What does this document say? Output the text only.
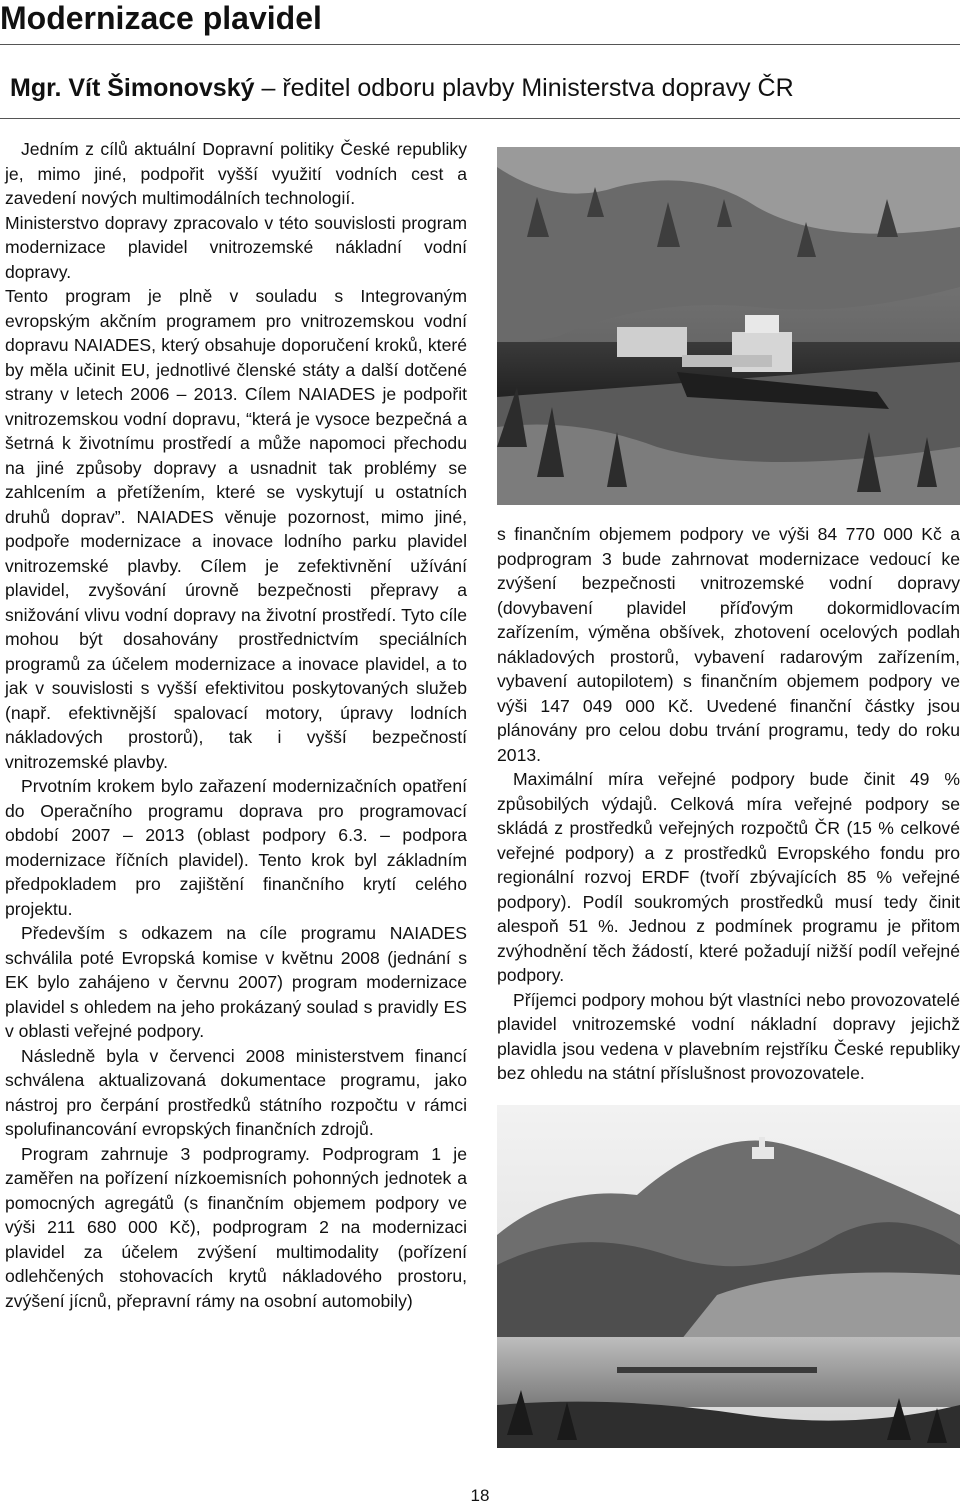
Modernizace plavidel
Mgr. Vít Šimonovský – ředitel odboru plavby Ministerstva dopravy ČR

Jedním z cílů aktuální Dopravní politiky České republiky je, mimo jiné, podpořit vyšší využití vodních cest a zavedení nových multimodálních technologií.

Ministerstvo dopravy zpracovalo v této souvislosti program modernizace plavidel vnitrozemské nákladní vodní dopravy.

Tento program je plně v souladu s Integrovaným evropským akčním programem pro vnitrozemskou vodní dopravu NAIADES, který obsahuje doporučení kroků, které by měla učinit EU, jednotlivé členské státy a další dotčené strany v letech 2006 – 2013. Cílem NAIADES je podpořit vnitrozemskou vodní dopravu, “která je vysoce bezpečná a šetrná k životnímu prostředí a může napomoci přechodu na jiné způsoby dopravy a usnadnit tak problémy se zahlcením a přetížením, které se vyskytují u ostatních druhů doprav”. NAIADES věnuje pozornost, mimo jiné, podpoře modernizace a inovace lodního parku plavidel vnitrozemské plavby. Cílem je zefektivnění užívání plavidel, zvyšování úrovně bezpečnosti přepravy a snižování vlivu vodní dopravy na životní prostředí. Tyto cíle mohou být dosahovány prostřednictvím speciálních programů za účelem modernizace a inovace plavidel, a to jak v souvislosti s vyšší efektivitou poskytovaných služeb (např. efektivnější spalovací motory, úpravy lodních nákladových prostorů), tak i vyšší bezpečností vnitrozemské plavby.

Prvotním krokem bylo zařazení modernizačních opatření do Operačního programu doprava pro programovací období 2007 – 2013 (oblast podpory 6.3. – podpora modernizace říčních plavidel). Tento krok byl základním předpokladem pro zajištění finančního krytí celého projektu.

Především s odkazem na cíle programu NAIADES schválila poté Evropská komise v květnu 2008 (jednání s EK bylo zahájeno v červnu 2007) program modernizace plavidel s ohledem na jeho prokázaný soulad s pravidly ES v oblasti veřejné podpory.

Následně byla v červenci 2008 ministerstvem financí schválena aktualizovaná dokumentace programu, jako nástroj pro čerpání prostředků státního rozpočtu v rámci spolufinancování evropských finančních zdrojů.

Program zahrnuje 3 podprogramy. Podprogram 1 je zaměřen na pořízení nízkoemisních pohonných jednotek a pomocných agregátů (s finančním objemem podpory ve výši 211 680 000 Kč), podprogram 2 na modernizaci plavidel za účelem zvýšení multimodality (pořízení odlehčených stohovacích krytů nákladového prostoru, zvýšení jícnů, přepravní rámy na osobní automobily)

s finančním objemem podpory ve výši 84 770 000 Kč a podprogram 3 bude zahrnovat modernizace vedoucí ke zvýšení bezpečnosti vnitrozemské vodní dopravy (dovybavení plavidel příďovým dokormidlovacím zařízením, výměna obšívek, zhotovení ocelových podlah nákladových prostorů, vybavení radarovým zařízením, vybavení autopilotem) s finančním objemem podpory ve výši 147 049 000 Kč. Uvedené finanční částky jsou plánovány pro celou dobu trvání programu, tedy do roku 2013.

Maximální míra veřejné podpory bude činit 49 % způsobilých výdajů. Celková míra veřejné podpory se skládá z prostředků veřejných rozpočtů ČR (15 % celkové veřejné podpory) a z prostředků Evropského fondu pro regionální rozvoj ERDF (tvoří zbývajících 85 % veřejné podpory). Podíl soukromých prostředků musí tedy činit alespoň 51 %. Jednou z podmínek programu je přitom zvýhodnění těch žádostí, které požadují nižší podíl veřejné podpory.

Příjemci podpory mohou být vlastníci nebo provozovatelé plavidel vnitrozemské vodní nákladní dopravy jejichž plavidla jsou vedena v plavebním rejstříku České republiky bez ohledu na státní příslušnost provozovatele.

18
